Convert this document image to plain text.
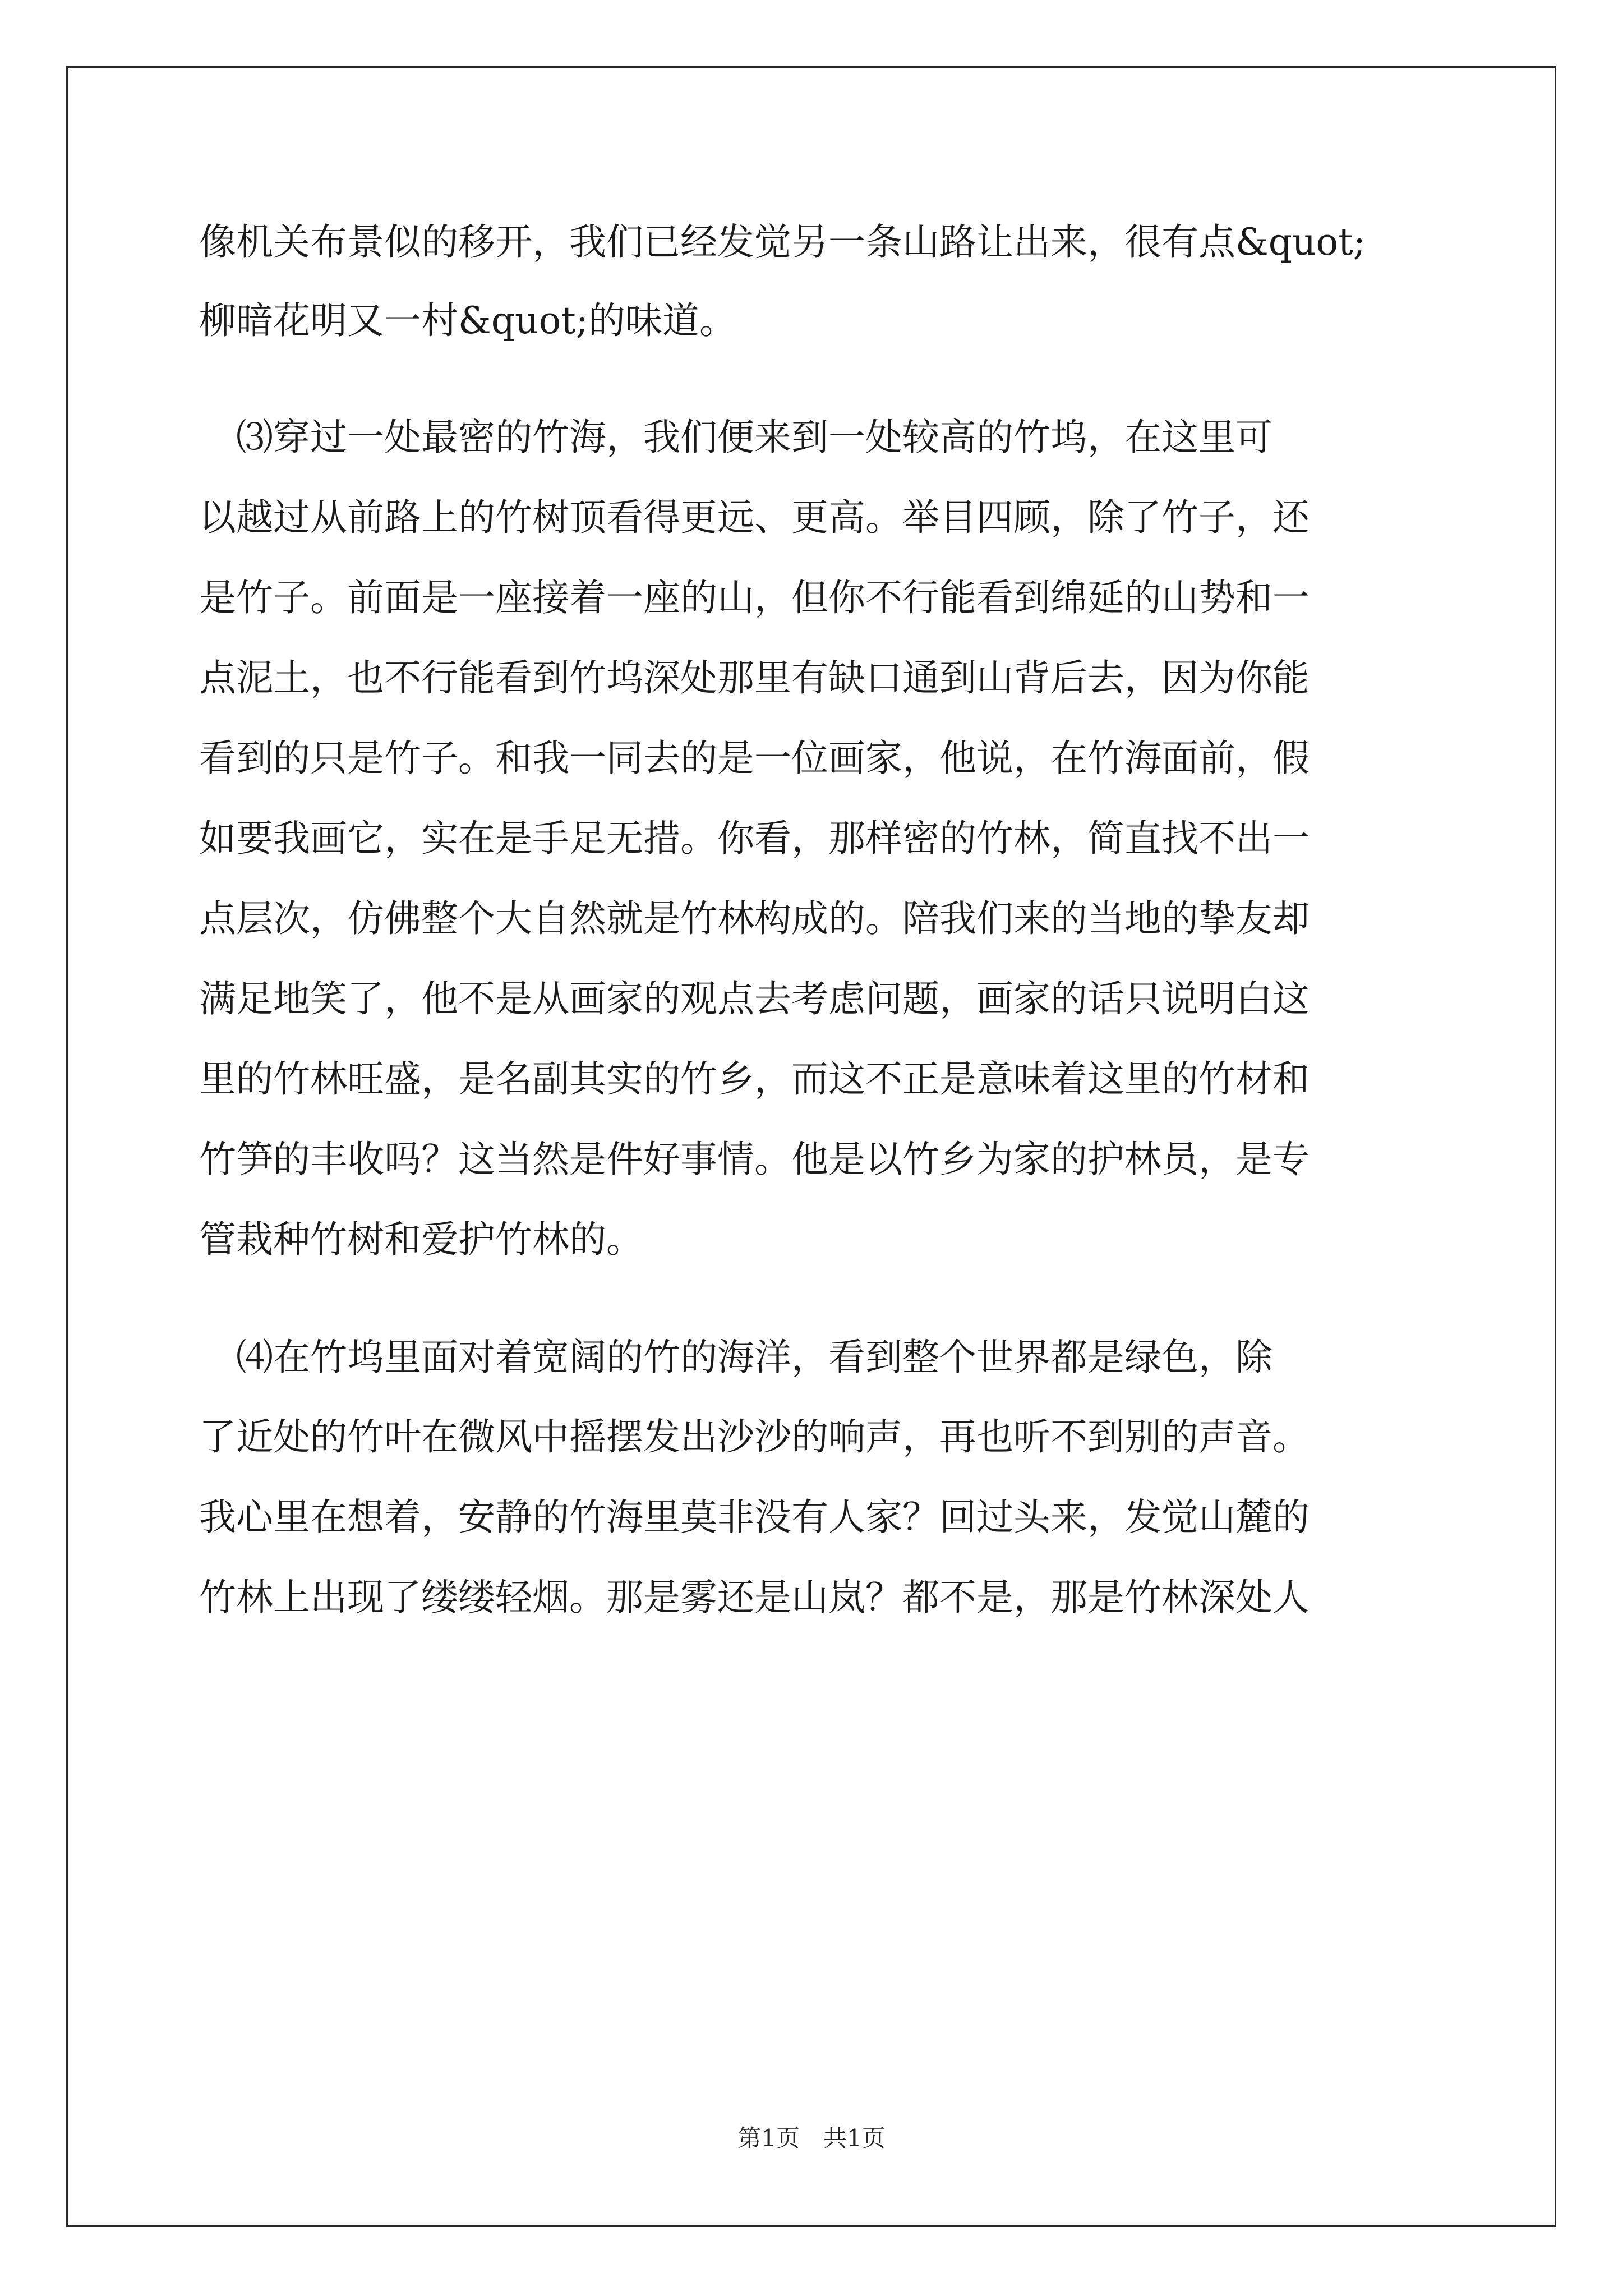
像机关布景似的移开，我们已经发觉另一条山路让出来，很有点&quot;
柳暗花明又一村&quot;的味道。
⑶穿过一处最密的竹海，我们便来到一处较高的竹坞，在这里可
以越过从前路上的竹树顶看得更远、更高。举目四顾，除了竹子，还
是竹子。前面是一座接着一座的山，但你不行能看到绵延的山势和一
点泥土，也不行能看到竹坞深处那里有缺口通到山背后去，因为你能
看到的只是竹子。和我一同去的是一位画家，他说，在竹海面前，假
如要我画它，实在是手足无措。你看，那样密的竹林，简直找不出一
点层次，仿佛整个大自然就是竹林构成的。陪我们来的当地的挚友却
满足地笑了，他不是从画家的观点去考虑问题，画家的话只说明白这
里的竹林旺盛，是名副其实的竹乡，而这不正是意味着这里的竹材和
竹笋的丰收吗？这当然是件好事情。他是以竹乡为家的护林员，是专
管栽种竹树和爱护竹林的。
⑷在竹坞里面对着宽阔的竹的海洋，看到整个世界都是绿色，除
了近处的竹叶在微风中摇摆发出沙沙的响声，再也听不到别的声音。
我心里在想着，安静的竹海里莫非没有人家？回过头来，发觉山麓的
竹林上出现了缕缕轻烟。那是雾还是山岚？都不是，那是竹林深处人
第1页　共1页
